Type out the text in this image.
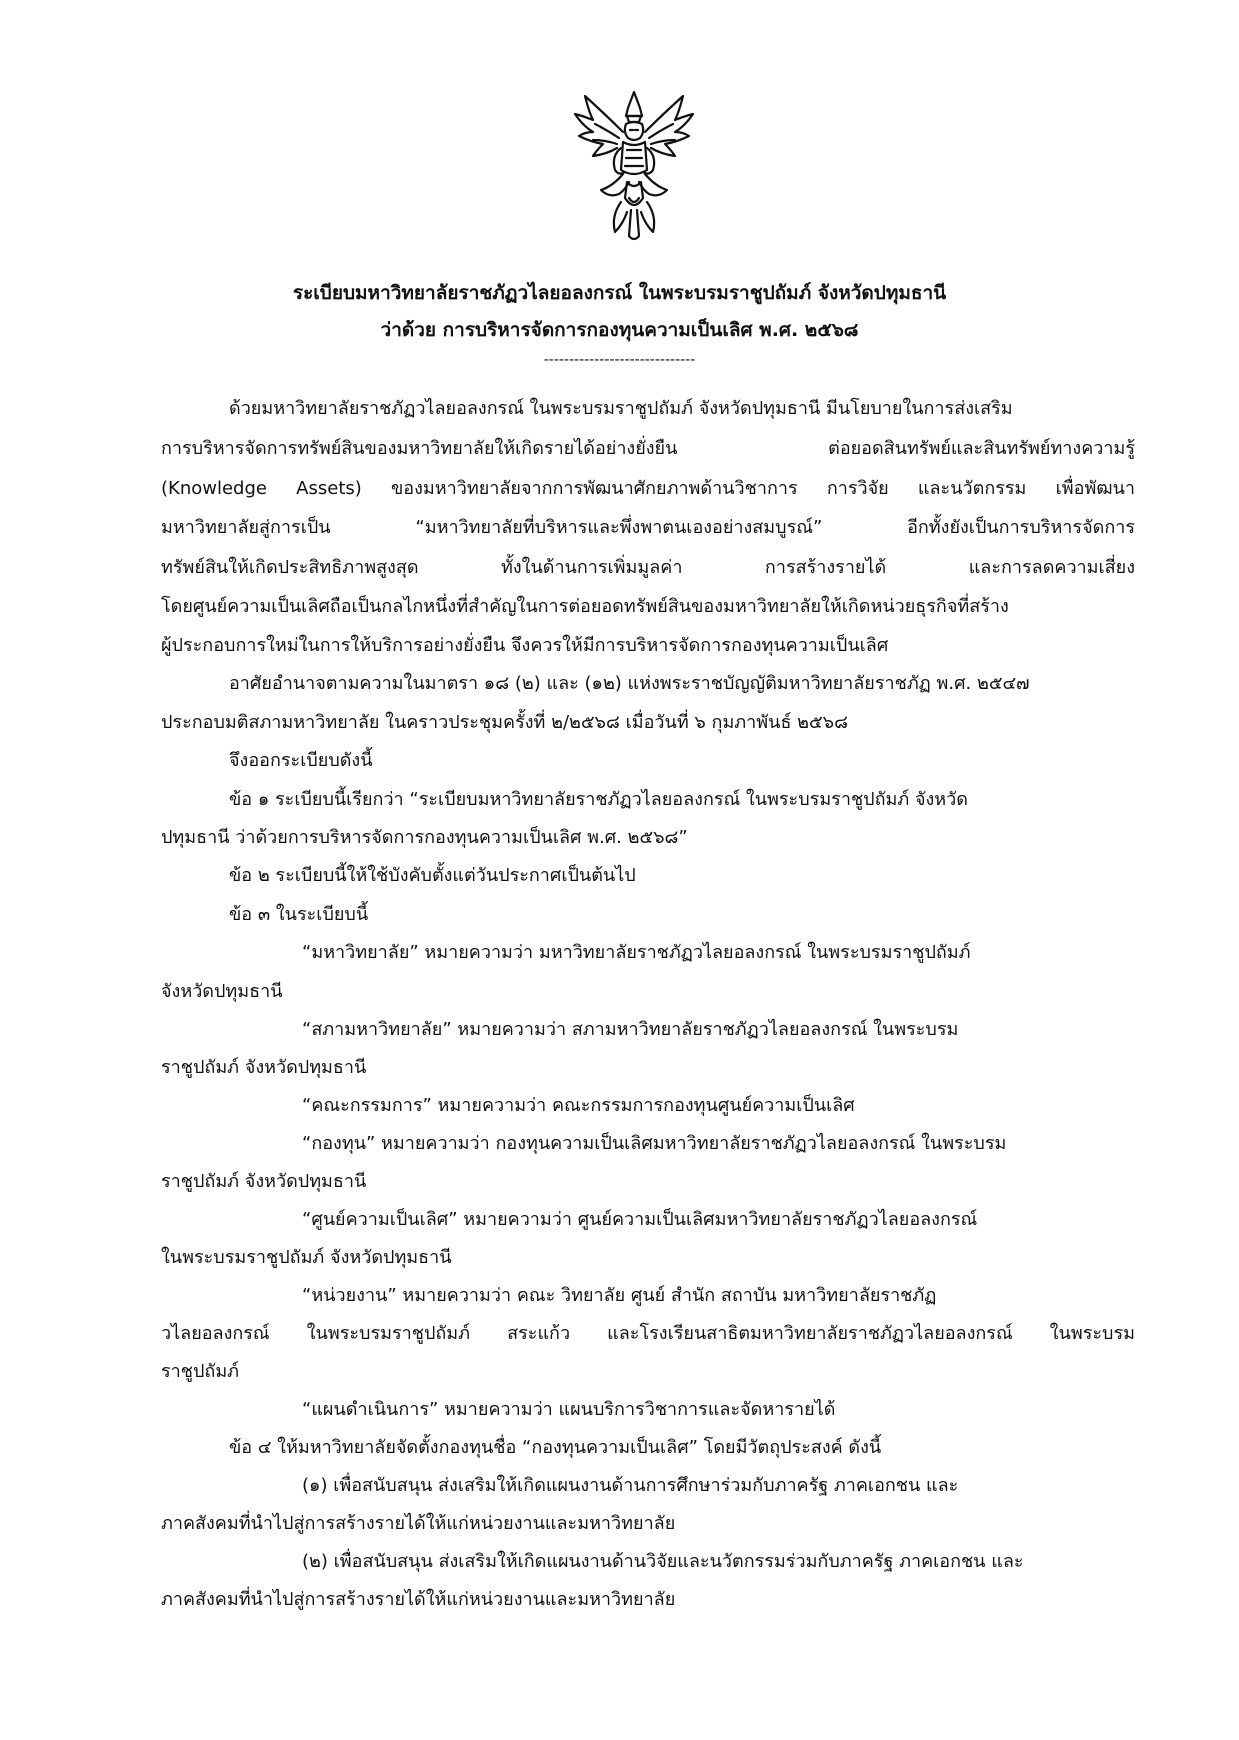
ระเบียบมหาวิทยาลัยราชภัฏวไลยอลงกรณ์ ในพระบรมราชูปถัมภ์ จังหวัดปทุมธานี
ว่าด้วย การบริหารจัดการกองทุนความเป็นเลิศ พ.ศ. ๒๕๖๘
------------------------------
ด้วยมหาวิทยาลัยราชภัฏวไลยอลงกรณ์ ในพระบรมราชูปถัมภ์ จังหวัดปทุมธานี มีนโยบายในการส่งเสริม
การบริหารจัดการทรัพย์สินของมหาวิทยาลัยให้เกิดรายได้อย่างยั่งยืน ต่อยอดสินทรัพย์และสินทรัพย์ทางความรู้
(Knowledge Assets) ของมหาวิทยาลัยจากการพัฒนาศักยภาพด้านวิชาการ การวิจัย และนวัตกรรม เพื่อพัฒนา
มหาวิทยาลัยสู่การเป็น “มหาวิทยาลัยที่บริหารและพึ่งพาตนเองอย่างสมบูรณ์” อีกทั้งยังเป็นการบริหารจัดการ
ทรัพย์สินให้เกิดประสิทธิภาพสูงสุด ทั้งในด้านการเพิ่มมูลค่า การสร้างรายได้ และการลดความเสี่ยง
โดยศูนย์ความเป็นเลิศถือเป็นกลไกหนึ่งที่สำคัญในการต่อยอดทรัพย์สินของมหาวิทยาลัยให้เกิดหน่วยธุรกิจที่สร้าง
ผู้ประกอบการใหม่ในการให้บริการอย่างยั่งยืน จึงควรให้มีการบริหารจัดการกองทุนความเป็นเลิศ
อาศัยอำนาจตามความในมาตรา ๑๘ (๒) และ (๑๒) แห่งพระราชบัญญัติมหาวิทยาลัยราชภัฏ พ.ศ. ๒๕๔๗
ประกอบมติสภามหาวิทยาลัย ในคราวประชุมครั้งที่ ๒/๒๕๖๘ เมื่อวันที่ ๖ กุมภาพันธ์ ๒๕๖๘
จึงออกระเบียบดังนี้
ข้อ ๑ ระเบียบนี้เรียกว่า “ระเบียบมหาวิทยาลัยราชภัฏวไลยอลงกรณ์ ในพระบรมราชูปถัมภ์ จังหวัด
ปทุมธานี ว่าด้วยการบริหารจัดการกองทุนความเป็นเลิศ พ.ศ. ๒๕๖๘”
ข้อ ๒ ระเบียบนี้ให้ใช้บังคับตั้งแต่วันประกาศเป็นต้นไป
ข้อ ๓ ในระเบียบนี้
“มหาวิทยาลัย” หมายความว่า มหาวิทยาลัยราชภัฏวไลยอลงกรณ์ ในพระบรมราชูปถัมภ์
จังหวัดปทุมธานี
“สภามหาวิทยาลัย” หมายความว่า สภามหาวิทยาลัยราชภัฏวไลยอลงกรณ์ ในพระบรม
ราชูปถัมภ์ จังหวัดปทุมธานี
“คณะกรรมการ” หมายความว่า คณะกรรมการกองทุนศูนย์ความเป็นเลิศ
“กองทุน” หมายความว่า กองทุนความเป็นเลิศมหาวิทยาลัยราชภัฏวไลยอลงกรณ์ ในพระบรม
ราชูปถัมภ์ จังหวัดปทุมธานี
“ศูนย์ความเป็นเลิศ” หมายความว่า ศูนย์ความเป็นเลิศมหาวิทยาลัยราชภัฏวไลยอลงกรณ์
ในพระบรมราชูปถัมภ์ จังหวัดปทุมธานี
“หน่วยงาน” หมายความว่า คณะ วิทยาลัย ศูนย์ สำนัก สถาบัน มหาวิทยาลัยราชภัฏ
วไลยอลงกรณ์ ในพระบรมราชูปถัมภ์ สระแก้ว และโรงเรียนสาธิตมหาวิทยาลัยราชภัฏวไลยอลงกรณ์ ในพระบรม
ราชูปถัมภ์
“แผนดำเนินการ” หมายความว่า แผนบริการวิชาการและจัดหารายได้
ข้อ ๔ ให้มหาวิทยาลัยจัดตั้งกองทุนชื่อ “กองทุนความเป็นเลิศ” โดยมีวัตถุประสงค์ ดังนี้
(๑) เพื่อสนับสนุน ส่งเสริมให้เกิดแผนงานด้านการศึกษาร่วมกับภาครัฐ ภาคเอกชน และ
ภาคสังคมที่นำไปสู่การสร้างรายได้ให้แก่หน่วยงานและมหาวิทยาลัย
(๒) เพื่อสนับสนุน ส่งเสริมให้เกิดแผนงานด้านวิจัยและนวัตกรรมร่วมกับภาครัฐ ภาคเอกชน และ
ภาคสังคมที่นำไปสู่การสร้างรายได้ให้แก่หน่วยงานและมหาวิทยาลัย
